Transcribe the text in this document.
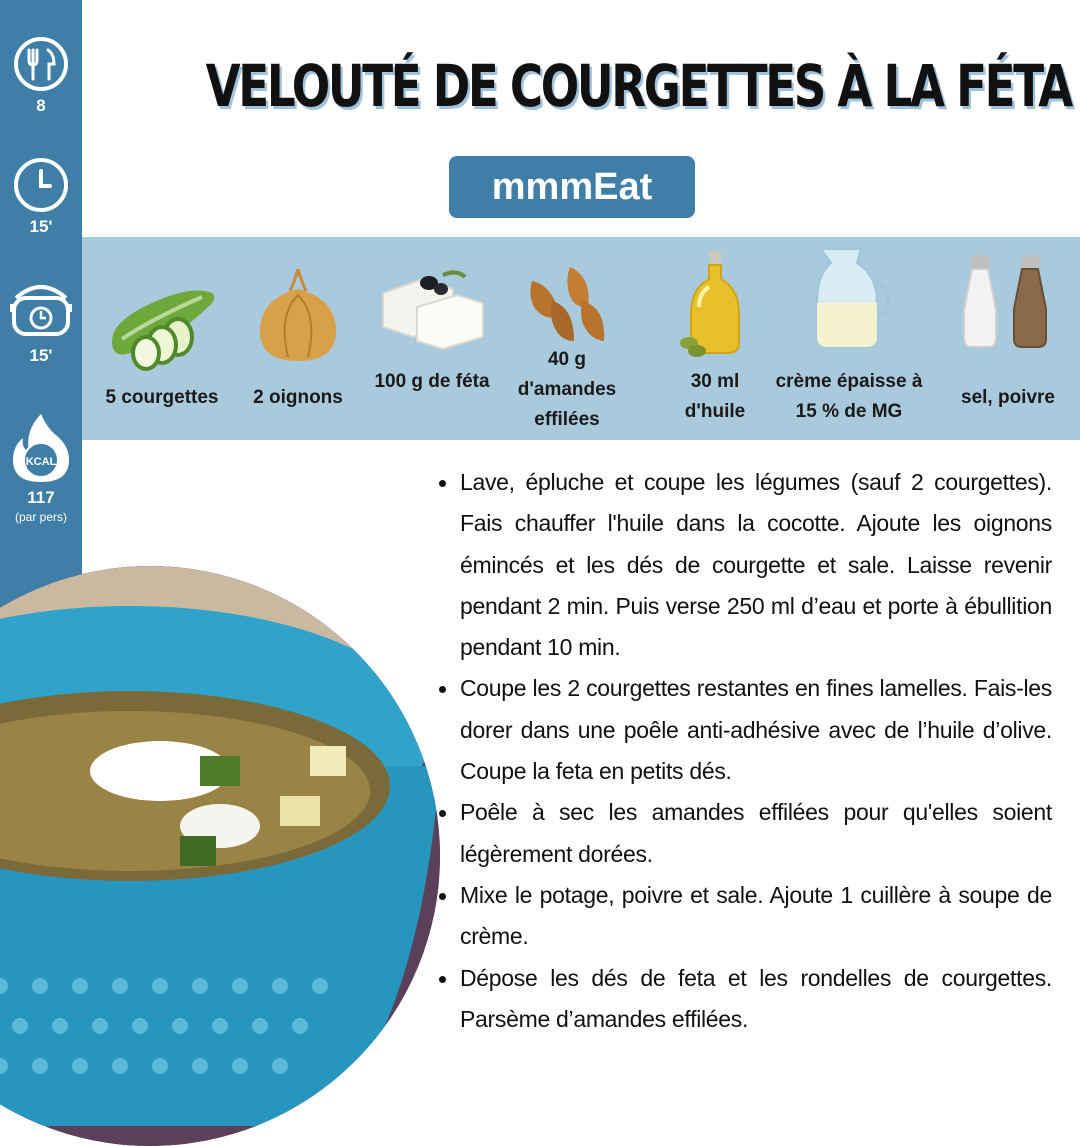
8
15'
15'
KCAL
117
(par pers)
VELOUTÉ DE COURGETTES À LA FÉTA
mmmEat
5 courgettes	2 oignons
100 g de féta
40 g d'amandes effilées
30 ml d'huile
crème épaisse à 15 % de MG
sel, poivre
Lave, épluche et coupe les légumes (sauf 2 courgettes). Fais chauffer l'huile dans la cocotte. Ajoute les oignons émincés et les dés de courgette et sale. Laisse revenir pendant 2 min. Puis verse 250 ml d’eau et porte à ébullition pendant 10 min.
Coupe les 2 courgettes restantes en fines lamelles. Fais-les dorer dans une poêle anti-adhésive avec de l’huile d’olive. Coupe la feta en petits dés.
Poêle à sec les amandes effilées pour qu'elles soient légèrement dorées.
Mixe le potage, poivre et sale. Ajoute 1 cuillère à soupe de crème.
Dépose les dés de feta et les rondelles de courgettes. Parsème d’amandes effilées.
